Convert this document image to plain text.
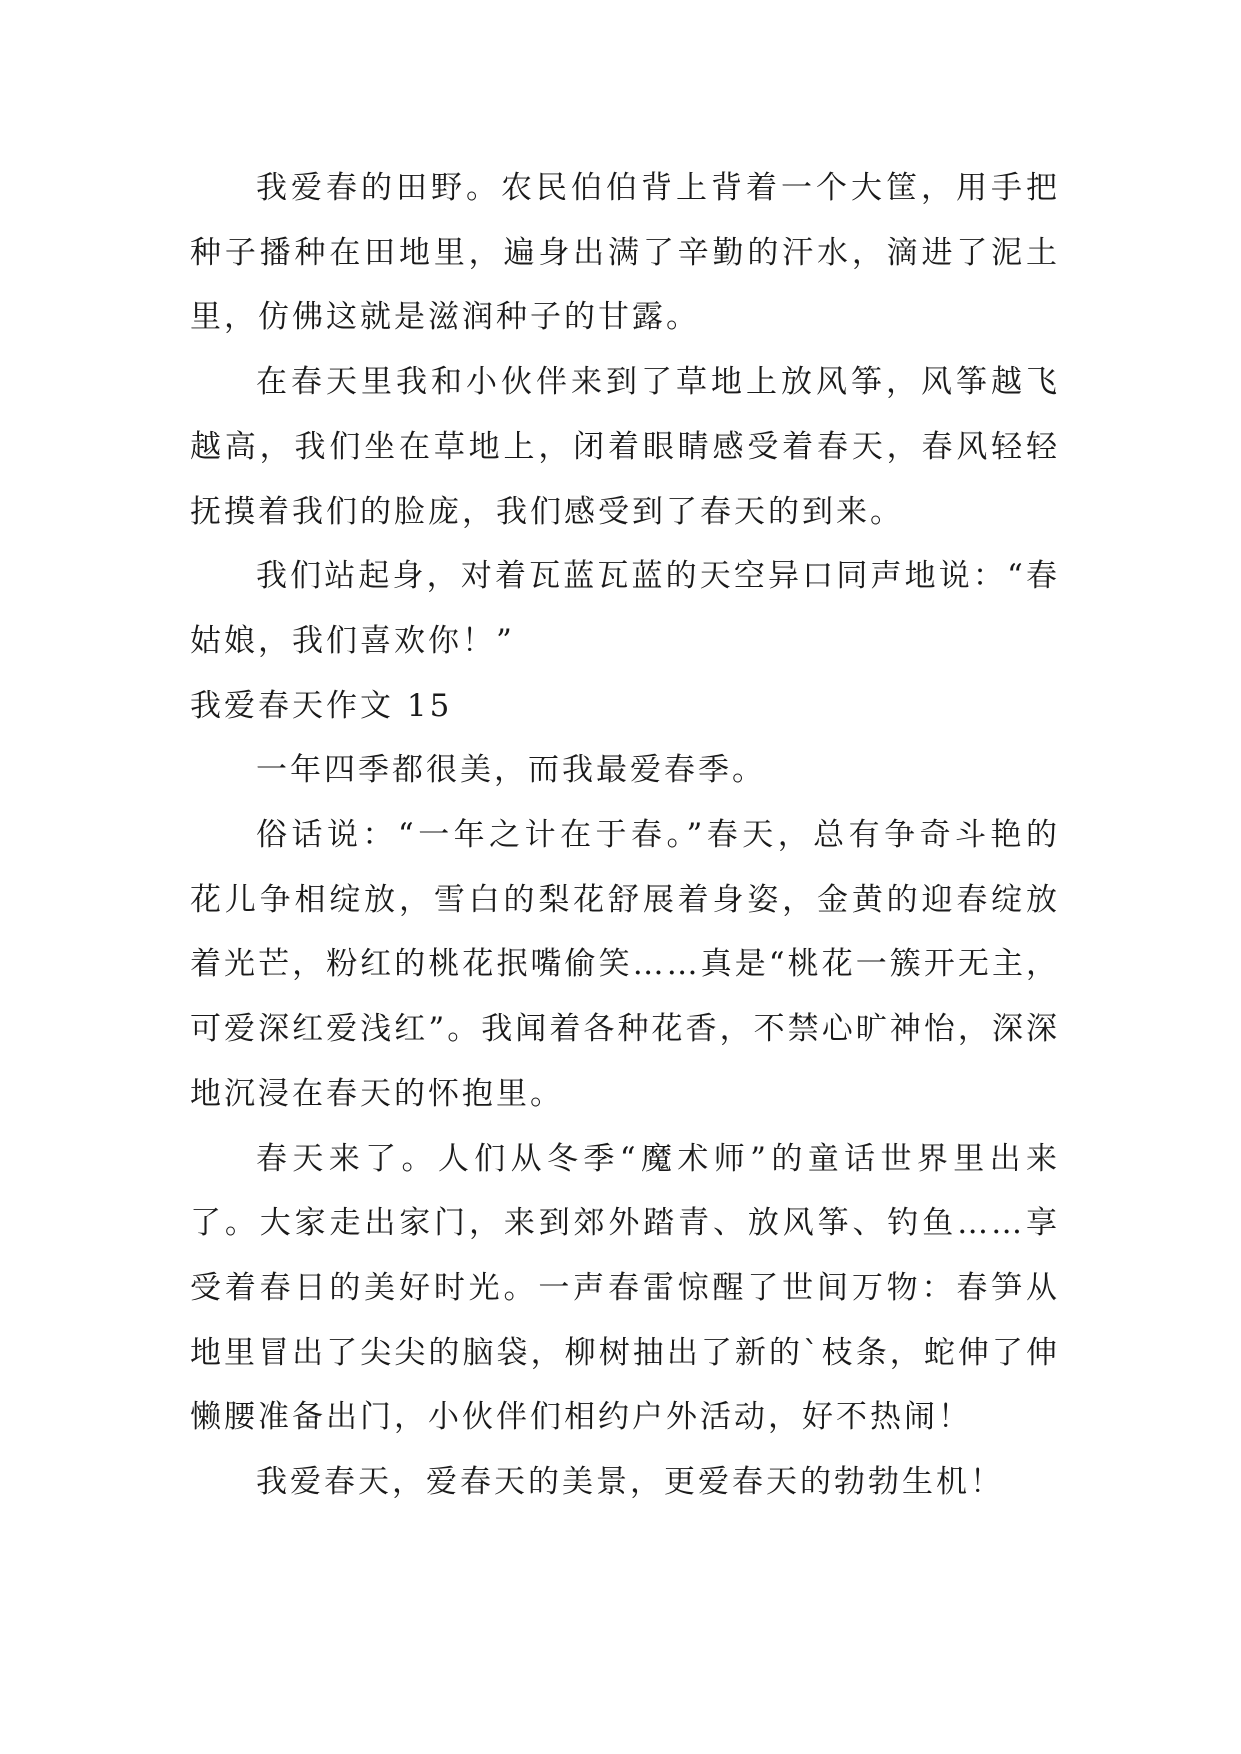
我爱春的田野。农民伯伯背上背着一个大筐，用手把种子播种在田地里，遍身出满了辛勤的汗水，滴进了泥土里，仿佛这就是滋润种子的甘露。

在春天里我和小伙伴来到了草地上放风筝，风筝越飞越高，我们坐在草地上，闭着眼睛感受着春天，春风轻轻抚摸着我们的脸庞，我们感受到了春天的到来。

我们站起身，对着瓦蓝瓦蓝的天空异口同声地说：“春姑娘，我们喜欢你！”

我爱春天作文 15

一年四季都很美，而我最爱春季。

俗话说：“一年之计在于春。”春天，总有争奇斗艳的花儿争相绽放，雪白的梨花舒展着身姿，金黄的迎春绽放着光芒，粉红的桃花抿嘴偷笑……真是“桃花一簇开无主，可爱深红爱浅红”。我闻着各种花香，不禁心旷神怡，深深地沉浸在春天的怀抱里。

春天来了。人们从冬季“魔术师”的童话世界里出来了。大家走出家门，来到郊外踏青、放风筝、钓鱼……享受着春日的美好时光。一声春雷惊醒了世间万物：春笋从地里冒出了尖尖的脑袋，柳树抽出了新的`枝条，蛇伸了伸懒腰准备出门，小伙伴们相约户外活动，好不热闹！

我爱春天，爱春天的美景，更爱春天的勃勃生机！
